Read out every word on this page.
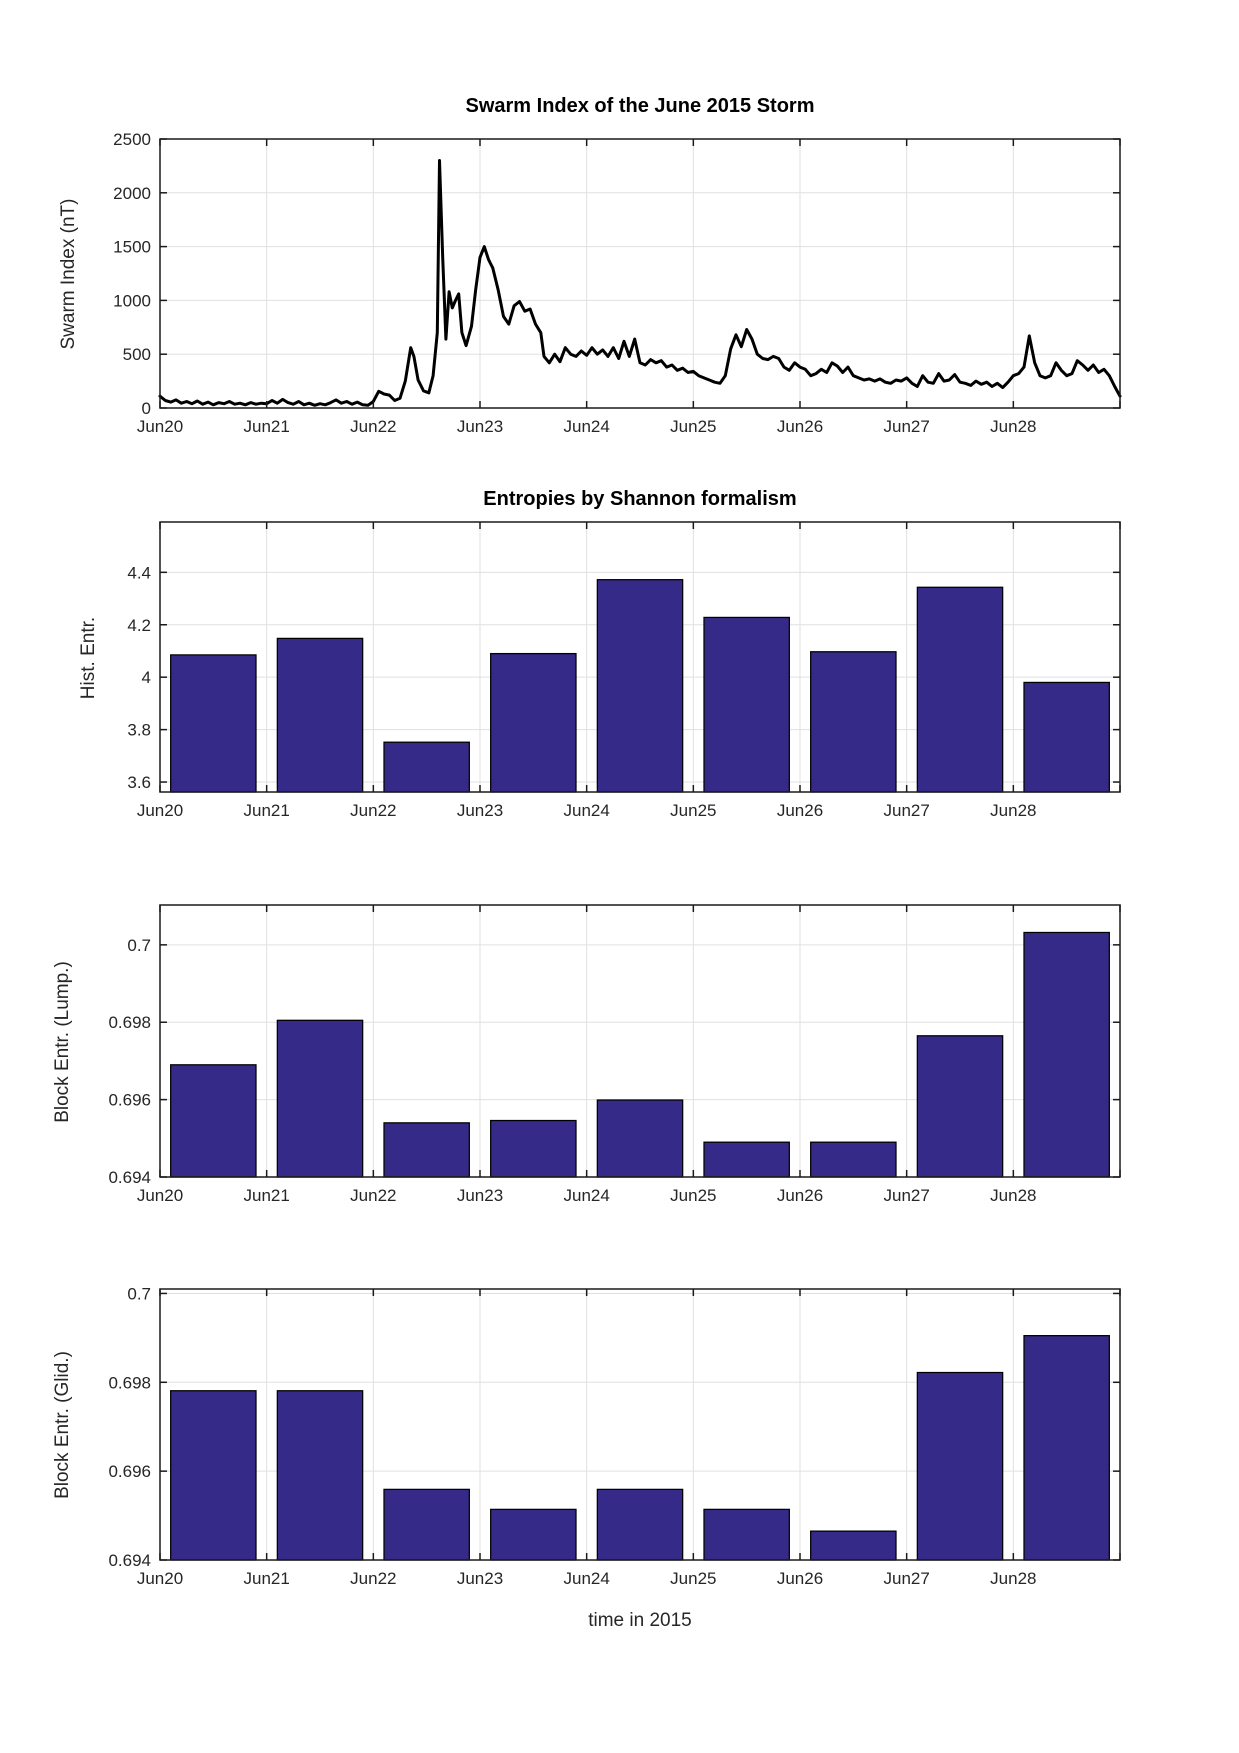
Swarm Index of the June 2015 Storm
Entropies by Shannon formalism
Swarm Index (nT)
Hist. Entr.
Block Entr. (Lump.)
Block Entr. (Glid.)
Jun20	Jun21	Jun22	Jun23	Jun24	Jun25	Jun26	Jun27	Jun28
0
500
1000
1500
2000
2500
Jun20	Jun21	Jun22	Jun23	Jun24	Jun25	Jun26	Jun27	Jun28
3.6
3.8
4
4.2
4.4
Jun20	Jun21	Jun22	Jun23	Jun24	Jun25	Jun26	Jun27	Jun28
0.694
0.696
0.698
0.7
Jun20	Jun21	Jun22	Jun23	Jun24	Jun25	Jun26	Jun27	Jun28
0.694
0.696
0.698
0.7
time in 2015
